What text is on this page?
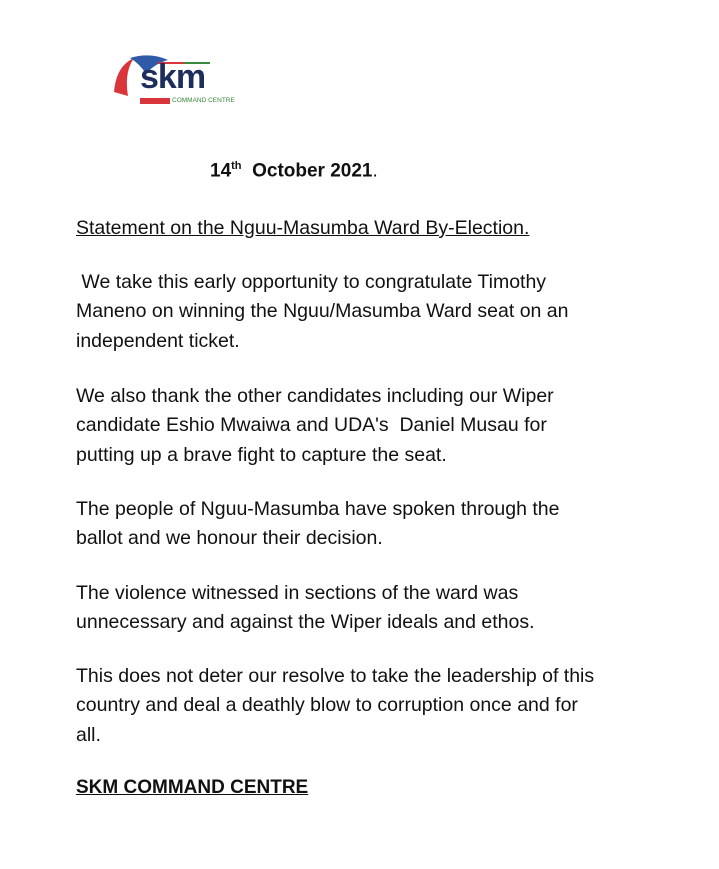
skm
COMMAND CENTRE
14th October 2021.
Statement on the Nguu-Masumba Ward By-Election.
We take this early opportunity to congratulate Timothy
Maneno on winning the Nguu/Masumba Ward seat on an
independent ticket.
We also thank the other candidates including our Wiper
candidate Eshio Mwaiwa and UDA's  Daniel Musau for
putting up a brave fight to capture the seat.
The people of Nguu-Masumba have spoken through the
ballot and we honour their decision.
The violence witnessed in sections of the ward was
unnecessary and against the Wiper ideals and ethos.
This does not deter our resolve to take the leadership of this
country and deal a deathly blow to corruption once and for
all.
SKM COMMAND CENTRE
